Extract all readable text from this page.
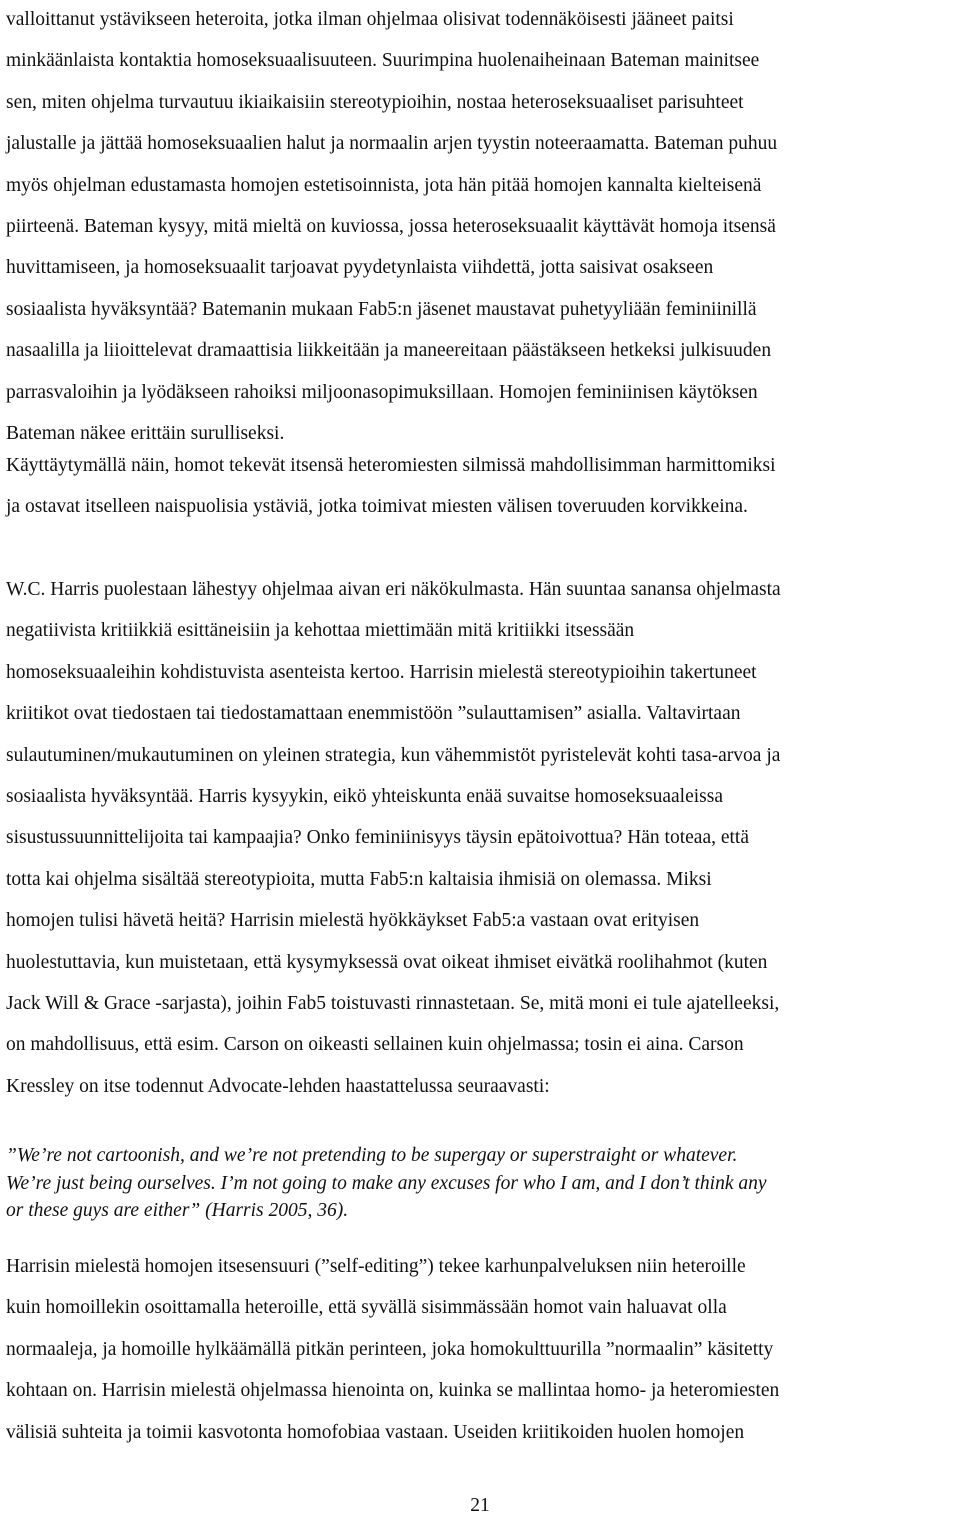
valloittanut ystävikseen heteroita, jotka ilman ohjelmaa olisivat todennäköisesti jääneet paitsi
minkäänlaista kontaktia homoseksuaalisuuteen. Suurimpina huolenaiheinaan Bateman mainitsee
sen, miten ohjelma turvautuu ikiaikaisiin stereotypioihin, nostaa heteroseksuaaliset parisuhteet
jalustalle ja jättää homoseksuaalien halut ja normaalin arjen tyystin noteeraamatta. Bateman puhuu
myös ohjelman edustamasta homojen estetisoinnista, jota hän pitää homojen kannalta kielteisenä
piirteenä. Bateman kysyy, mitä mieltä on kuviossa, jossa heteroseksuaalit käyttävät homoja itsensä
huvittamiseen, ja homoseksuaalit tarjoavat pyydetynlaista viihdettä, jotta saisivat osakseen
sosiaalista hyväksyntää? Batemanin mukaan Fab5:n jäsenet maustavat puhetyyliään feminiinillä
nasaalilla ja liioittelevat dramaattisia liikkeitään ja maneereitaan päästäkseen hetkeksi julkisuuden
parrasvaloihin ja lyödäkseen rahoiksi miljoonasopimuksillaan. Homojen feminiinisen käytöksen
Bateman näkee erittäin surulliseksi.

Käyttäytymällä näin, homot tekevät itsensä heteromiesten silmissä mahdollisimman harmittomiksi
ja ostavat itselleen naispuolisia ystäviä, jotka toimivat miesten välisen toveruuden korvikkeina.

W.C. Harris puolestaan lähestyy ohjelmaa aivan eri näkökulmasta. Hän suuntaa sanansa ohjelmasta
negatiivista kritiikkiä esittäneisiin ja kehottaa miettimään mitä kritiikki itsessään
homoseksuaaleihin kohdistuvista asenteista kertoo. Harrisin mielestä stereotypioihin takertuneet
kriitikot ovat tiedostaen tai tiedostamattaan enemmistöön ”sulauttamisen” asialla. Valtavirtaan
sulautuminen/mukautuminen on yleinen strategia, kun vähemmistöt pyristelevät kohti tasa-arvoa ja
sosiaalista hyväksyntää. Harris kysyykin, eikö yhteiskunta enää suvaitse homoseksuaaleissa
sisustussuunnittelijoita tai kampaajia? Onko feminiinisyys täysin epätoivottua? Hän toteaa, että
totta kai ohjelma sisältää stereotypioita, mutta Fab5:n kaltaisia ihmisiä on olemassa. Miksi
homojen tulisi hävetä heitä? Harrisin mielestä hyökkäykset Fab5:a vastaan ovat erityisen
huolestuttavia, kun muistetaan, että kysymyksessä ovat oikeat ihmiset eivätkä roolihahmot (kuten
Jack Will & Grace -sarjasta), joihin Fab5 toistuvasti rinnastetaan. Se, mitä moni ei tule ajatelleeksi,
on mahdollisuus, että esim. Carson on oikeasti sellainen kuin ohjelmassa; tosin ei aina. Carson
Kressley on itse todennut Advocate-lehden haastattelussa seuraavasti:

”We’re not cartoonish, and we’re not pretending to be supergay or superstraight or whatever.
We’re just being ourselves. I’m not going to make any excuses for who I am, and I don’t think any
or these guys are either” (Harris 2005, 36).

Harrisin mielestä homojen itsesensuuri (”self-editing”) tekee karhunpalveluksen niin heteroille
kuin homoillekin osoittamalla heteroille, että syvällä sisimmässään homot vain haluavat olla
normaaleja, ja homoille hylkäämällä pitkän perinteen, joka homokulttuurilla ”normaalin” käsitetty
kohtaan on. Harrisin mielestä ohjelmassa hienointa on, kuinka se mallintaa homo- ja heteromiesten
välisiä suhteita ja toimii kasvotonta homofobiaa vastaan. Useiden kriitikoiden huolen homojen

21
